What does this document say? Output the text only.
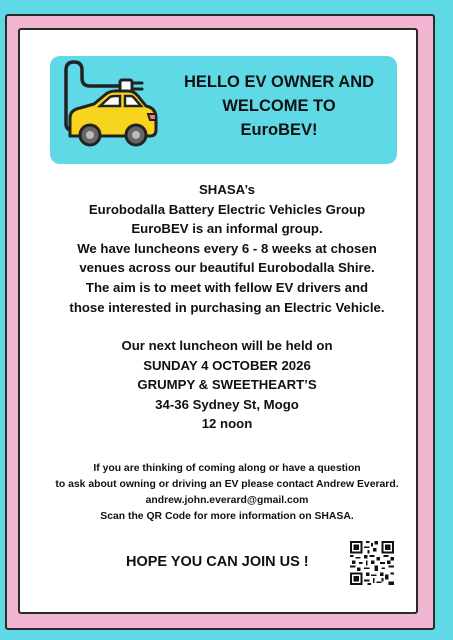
HELLO EV OWNER AND
WELCOME TO
EuroBEV!
SHASA’s
Eurobodalla Battery Electric Vehicles Group
EuroBEV is an informal group.
We have luncheons every 6 - 8 weeks at chosen
venues across our beautiful Eurobodalla Shire.
The aim is to meet with fellow EV drivers and
those interested in purchasing an Electric Vehicle.
Our next luncheon will be held on
SUNDAY 4 OCTOBER 2026
GRUMPY & SWEETHEART’S
34-36 Sydney St, Mogo
12 noon
If you are thinking of coming along or have a question
to ask about owning or driving an EV please contact Andrew Everard.
andrew.john.everard@gmail.com
Scan the QR Code for more information on SHASA.
HOPE YOU CAN JOIN US !
